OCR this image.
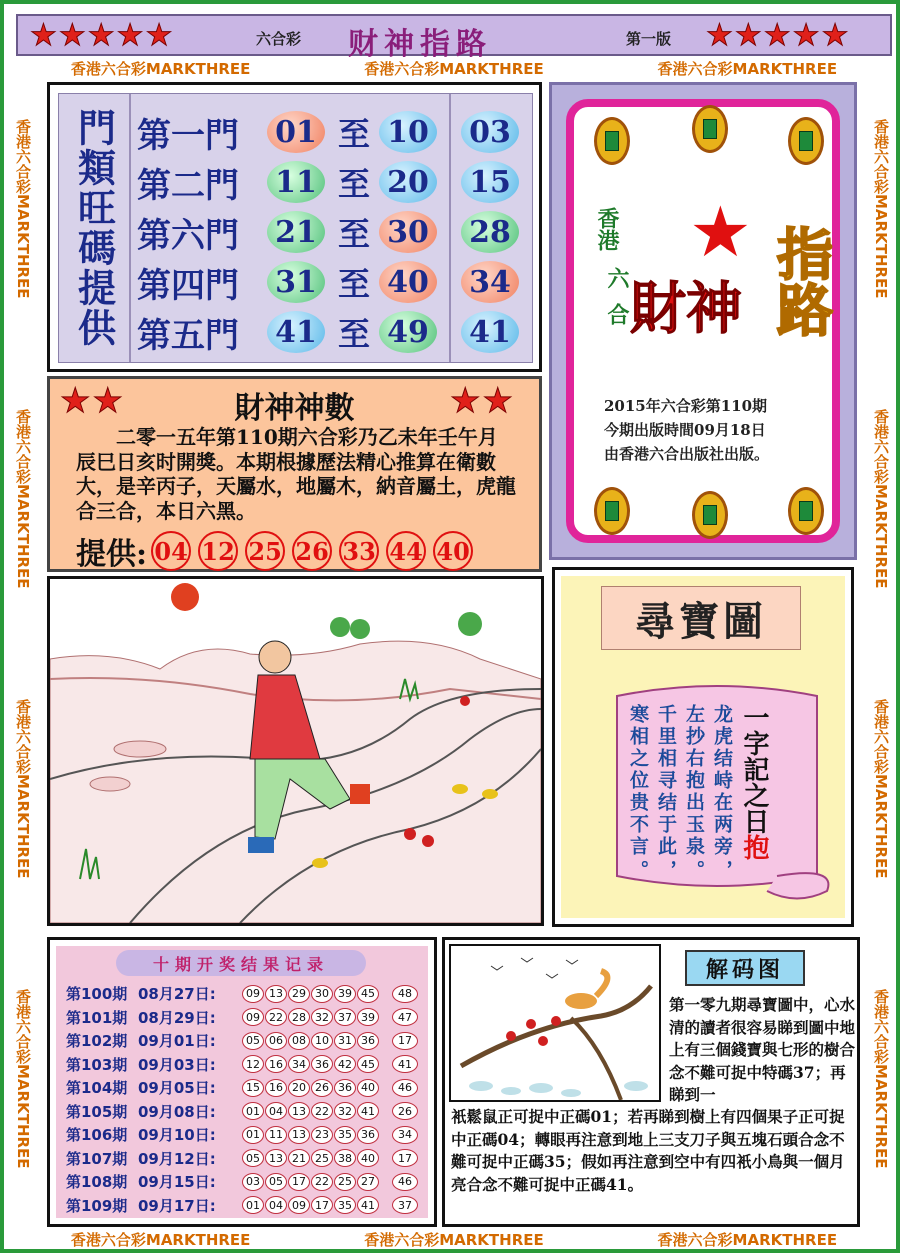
★★★★★	六合彩 财神指路	第一版 ★★★★★
香港六合彩MARKTHREE	香港六合彩MARKTHREE	香港六合彩MARKTHREE
香港六合彩MARKTHREE	香港六合彩MARKTHREE	香港六合彩MARKTHREE
香港六合彩MARKTHREE
香港六合彩MARKTHREE
香港六合彩MARKTHREE
香港六合彩MARKTHREE
香港六合彩MARKTHREE
香港六合彩MARKTHREE
香港六合彩MARKTHREE
香港六合彩MARKTHREE
門類旺碼提供 第一門	01 至 10 03
第二門	11 至 20 15
第六門	21 至 30 28
第四門	31 至 40 34
第五門	41 至 49 41
★
香港
六
合 財神 指路
2015年六合彩第110期
今期出版時間09月18日
由香港六合出版社出版。
★★	財神神數	★★
二零一五年第110期六合彩乃乙未年壬午月辰巳日亥时開獎。本期根據歷法精心推算在衛數大，是辛丙子，天屬水，地屬木，納音屬土，虎龍合三合，本日六黑。
提供: 04 12 25 26 33 44 40
尋寶圖
龙虎结峙在两旁
左抄右抱出玉泉
千里相寻结于此
寒相之位贵不言
，
。
，
。
一字記之日抱
十期开奖结果记录
第100期 08月27日:	09 13 29 30 39 45	48
第101期 08月29日:	09 22 28 32 37 39	47
第102期 09月01日:	05 06 08 10 31 36	17
第103期 09月03日:	12 16 34 36 42 45	41
第104期 09月05日:	15 16 20 26 36 40	46
第105期 09月08日:	01 04 13 22 32 41	26
第106期 09月10日:	01 11 13 23 35 36	34
第107期 09月12日:	05 13 21 25 38 40	17
第108期 09月15日:	03 05 17 22 25 27	46
第109期 09月17日:	01 04 09 17 35 41	37
解码图
第一零九期尋寶圖中，心水清的讀者很容易睇到圖中地上有三個錢寶與七形的樹合念不難可捉中特碼37；再睇到一
衹鬆鼠正可捉中正碼01；若再睇到樹上有四個果子正可捉中正碼04；轉眼再注意到地上三支刀子與五塊石頭合念不難可捉中正碼35；假如再注意到空中有四衹小鳥與一個月亮合念不難可捉中正碼41。
